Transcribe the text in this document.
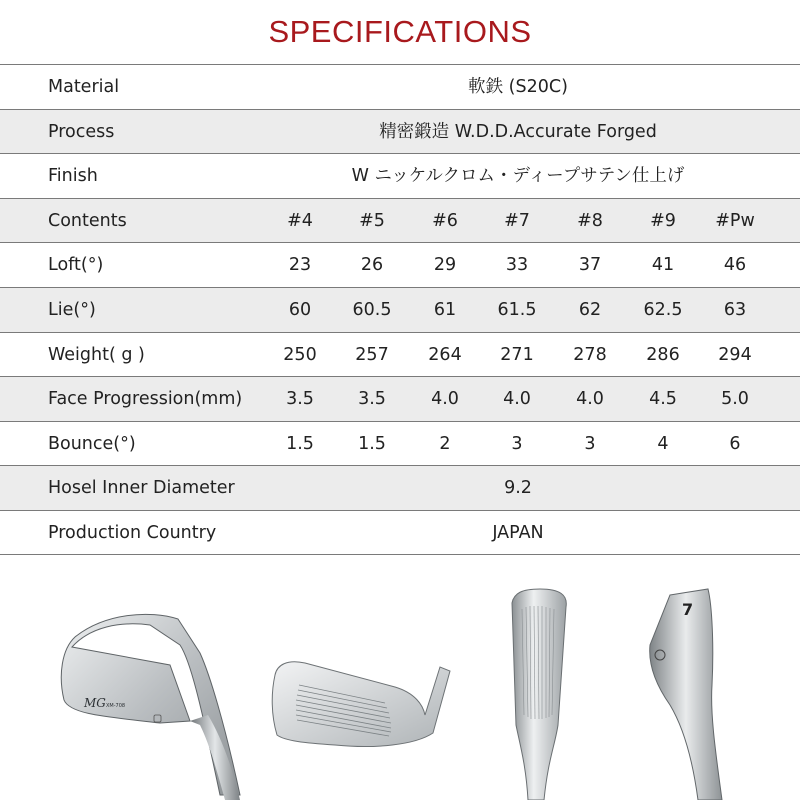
SPECIFICATIONS
Material	軟鉄 (S20C)
Process	精密鍛造 W.D.D.Accurate Forged
Finish	W ニッケルクロム・ディープサテン仕上げ
Contents	#4	#5	#6	#7	#8	#9	#Pw
Loft(°)	23	26	29	33	37	41	46
Lie(°)	60	60.5	61	61.5	62	62.5	63
Weight( g )	250	257	264	271	278	286	294
Face Progression(mm)	3.5	3.5	4.0	4.0	4.0	4.5	5.0
Bounce(°)	1.5	1.5	2	3	3	4	6
Hosel Inner Diameter	9.2
Production Country	JAPAN
MG XM-708
7
